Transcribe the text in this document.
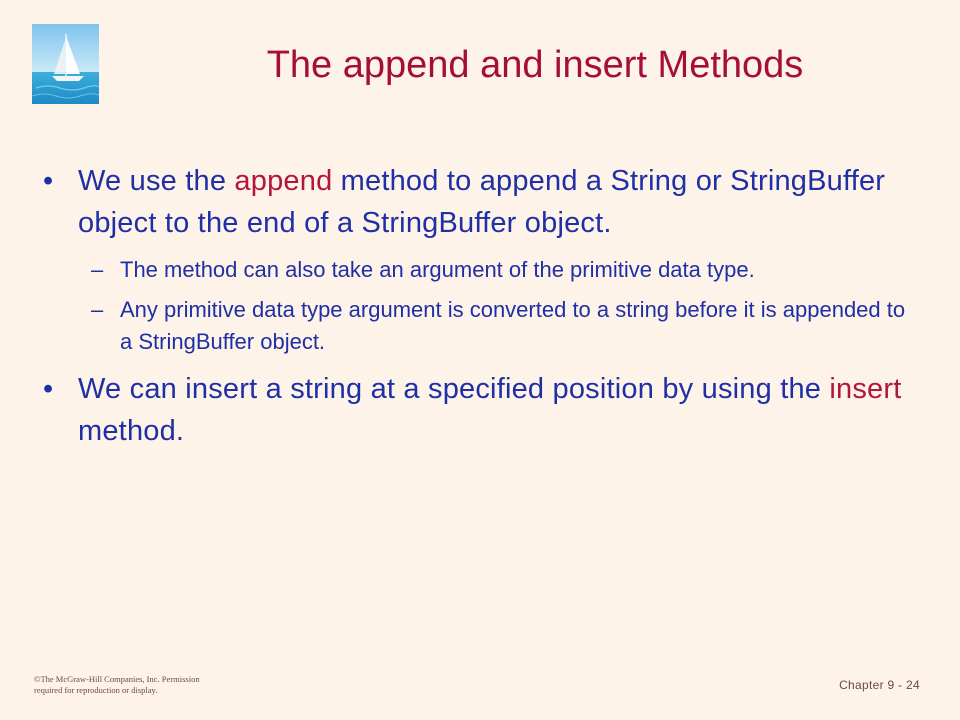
The append and insert Methods
• We use the append method to append a String or StringBuffer object to the end of a StringBuffer object.
– The method can also take an argument of the primitive data type.
– Any primitive data type argument is converted to a string before it is appended to a StringBuffer object.
• We can insert a string at a specified position by using the insert method.
©The McGraw-Hill Companies, Inc. Permission
required for reproduction or display.	Chapter 9 - 24
